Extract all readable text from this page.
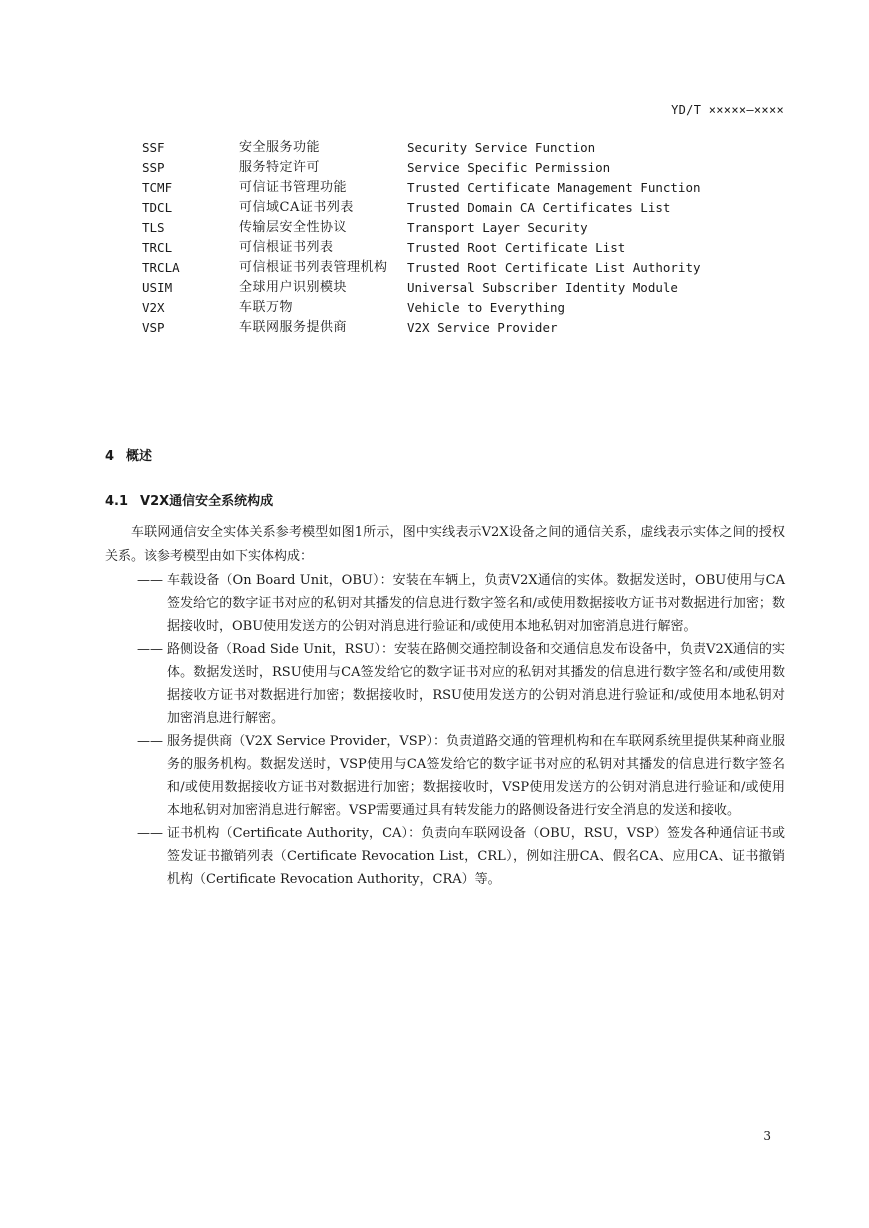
YD/T ×××××—××××
SSF	安全服务功能	Security Service Function
SSP	服务特定许可	Service Specific Permission
TCMF	可信证书管理功能	Trusted Certificate Management Function
TDCL	可信域CA证书列表	Trusted Domain CA Certificates List
TLS	传输层安全性协议	Transport Layer Security
TRCL	可信根证书列表	Trusted Root Certificate List
TRCLA	可信根证书列表管理机构	Trusted Root Certificate List Authority
USIM	全球用户识别模块	Universal Subscriber Identity Module
V2X	车联万物	Vehicle to Everything
VSP	车联网服务提供商	V2X Service Provider
4 概述
4.1 V2X通信安全系统构成

车联网通信安全实体关系参考模型如图1所示，图中实线表示V2X设备之间的通信关系，虚线表示实体之间的授权关系。该参考模型由如下实体构成：

—— 车载设备（On Board Unit，OBU）：安装在车辆上，负责V2X通信的实体。数据发送时，OBU使用与CA签发给它的数字证书对应的私钥对其播发的信息进行数字签名和/或使用数据接收方证书对数据进行加密；数据接收时，OBU使用发送方的公钥对消息进行验证和/或使用本地私钥对加密消息进行解密。

—— 路侧设备（Road Side Unit，RSU）：安装在路侧交通控制设备和交通信息发布设备中，负责V2X通信的实体。数据发送时，RSU使用与CA签发给它的数字证书对应的私钥对其播发的信息进行数字签名和/或使用数据接收方证书对数据进行加密；数据接收时，RSU使用发送方的公钥对消息进行验证和/或使用本地私钥对加密消息进行解密。

—— 服务提供商（V2X Service Provider，VSP）：负责道路交通的管理机构和在车联网系统里提供某种商业服务的服务机构。数据发送时，VSP使用与CA签发给它的数字证书对应的私钥对其播发的信息进行数字签名和/或使用数据接收方证书对数据进行加密；数据接收时，VSP使用发送方的公钥对消息进行验证和/或使用本地私钥对加密消息进行解密。VSP需要通过具有转发能力的路侧设备进行安全消息的发送和接收。

—— 证书机构（Certificate Authority，CA）：负责向车联网设备（OBU，RSU，VSP）签发各种通信证书或签发证书撤销列表（Certificate Revocation List，CRL），例如注册CA、假名CA、应用CA、证书撤销机构（Certificate Revocation Authority，CRA）等。

3
